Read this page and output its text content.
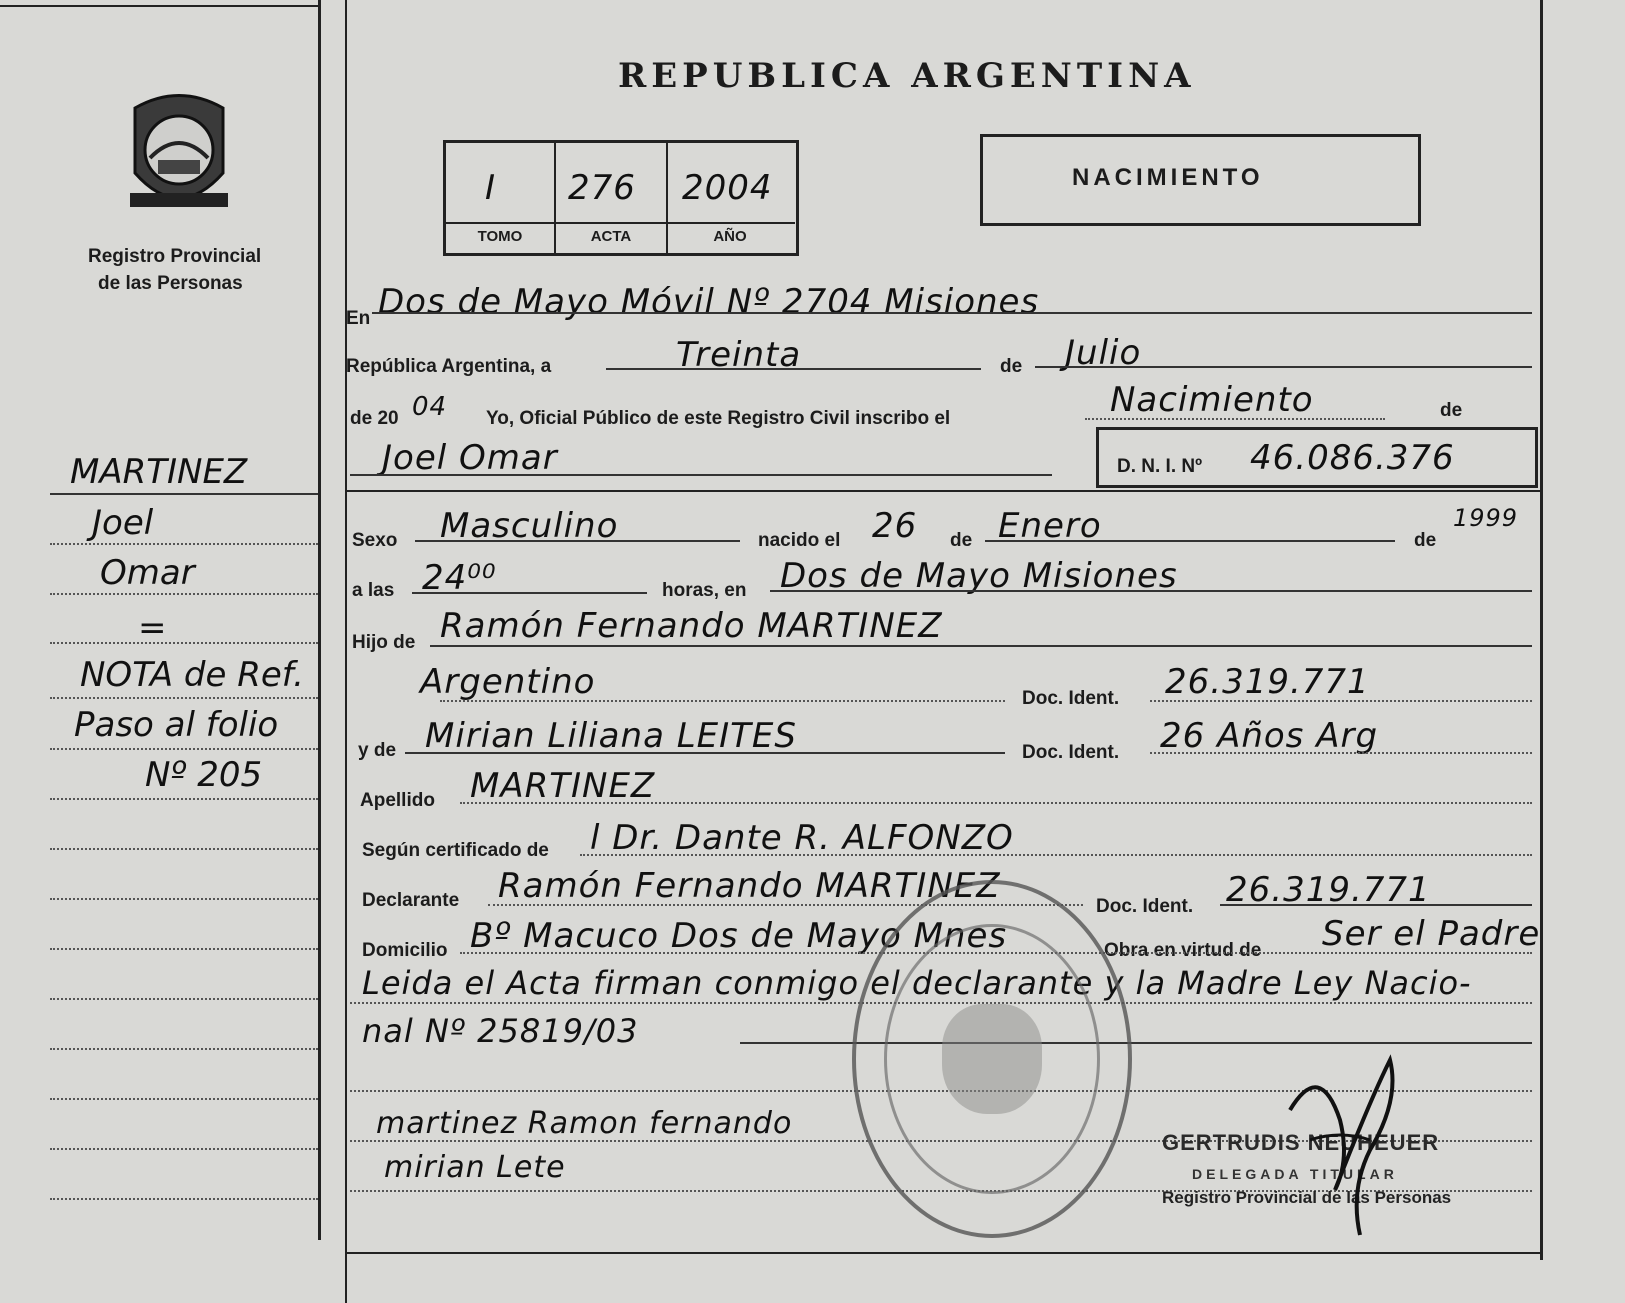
Registro Provincial
de las Personas
MARTINEZ
Joel
Omar
=
NOTA de Ref.
Paso al folio
Nº 205
REPUBLICA ARGENTINA
I 276 2004
TOMO	ACTA	AÑO
NACIMIENTO
En Dos de Mayo Móvil Nº 2704 Misiones
República Argentina, a	Treinta	de Julio
de 20 04 Yo, Oficial Público de este Registro Civil inscribo el	Nacimiento	de
Joel Omar	D. N. I. Nº 46.086.376
Sexo Masculino	nacido el 26 de Enero	de
1999
a las 24⁰⁰	horas, en Dos de Mayo Misiones
Hijo de Ramón Fernando MARTINEZ
Argentino	Doc. Ident. 26.319.771
y de Mirian Liliana LEITES	Doc. Ident. 26 Años Arg
Apellido MARTINEZ
Según certificado de l Dr. Dante R. ALFONZO
Declarante Ramón Fernando MARTINEZ
Doc. Ident. 26.319.771
Domicilio Bº Macuco Dos de Mayo Mnes	Obra en virtud de Ser el Padre
Leida el Acta firman conmigo el declarante y la Madre Ley Nacio-
nal Nº 25819/03
martinez Ramon fernando
mirian Lete
GERTRUDIS NEUHEUER
DELEGADA TITULAR
Registro Provincial de las Personas
